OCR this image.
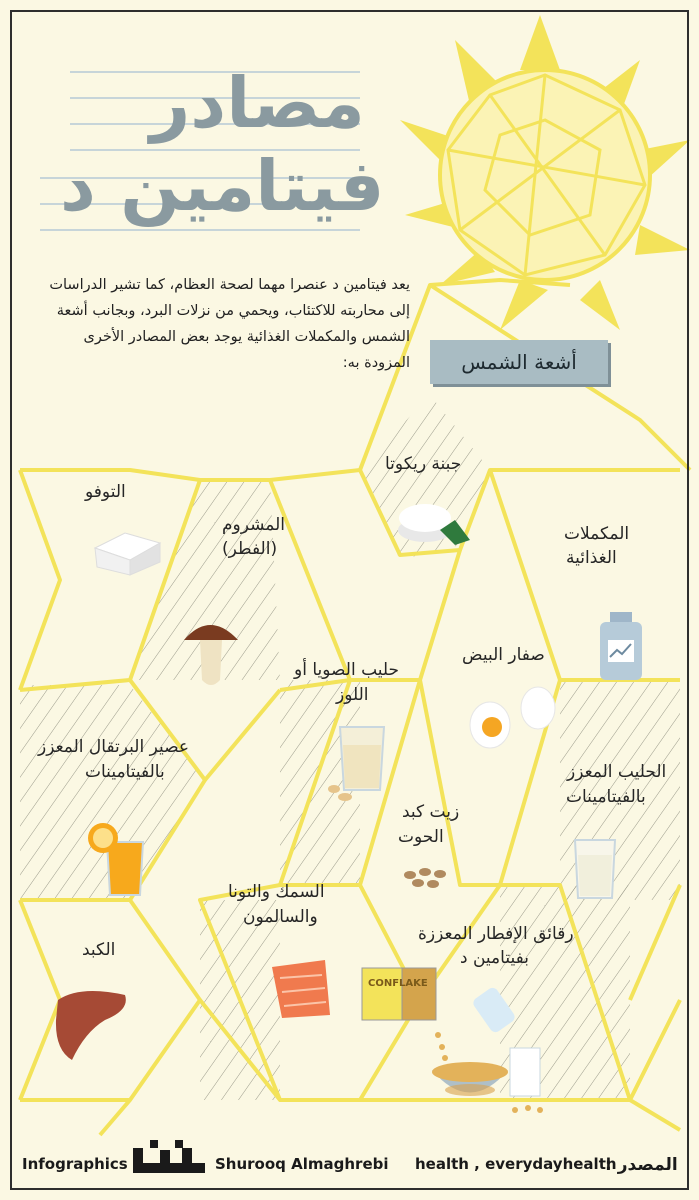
CONFLAKE
مصادر
فيتامين د
يعد فيتامين د عنصرا مهما لصحة العظام، كما تشير الدراسات إلى محاربته للاكتئاب، ويحمي من نزلات البرد، وبجانب أشعة الشمس والمكملات الغذائية يوجد بعض المصادر الأخرى المزودة به:	أشعة الشمس
جبنة ريكوتا
التوفو
المشروم
(الفطر)
المكملات
الغذائية
صفار البيض
حليب الصويا أو
اللوز
عصير البرتقال المعزز
بالفيتامينات	الحليب المعزز
بالفيتامينات
زيت كبد
الحوت
السمك والتونا
والسالمون
رقائق الإفطار المعززة
بفيتامين د
الكبد
Infographics	Shurooq Almaghrebi health , everydayhealth
المصدر :
